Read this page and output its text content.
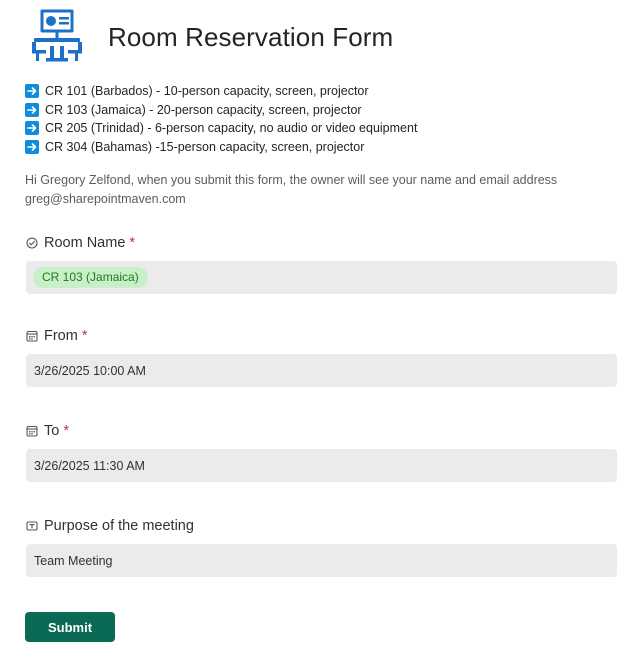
Room Reservation Form
CR 101 (Barbados) - 10-person capacity, screen, projector
CR 103 (Jamaica) - 20-person capacity, screen, projector
CR 205 (Trinidad) - 6-person capacity, no audio or video equipment
CR 304 (Bahamas) -15-person capacity, screen, projector

Hi Gregory Zelfond, when you submit this form, the owner will see your name and email address greg@sharepointmaven.com

Room Name *
CR 103 (Jamaica)
From *
3/26/2025 10:00 AM
To *
3/26/2025 11:30 AM
Purpose of the meeting
Team Meeting
Submit
